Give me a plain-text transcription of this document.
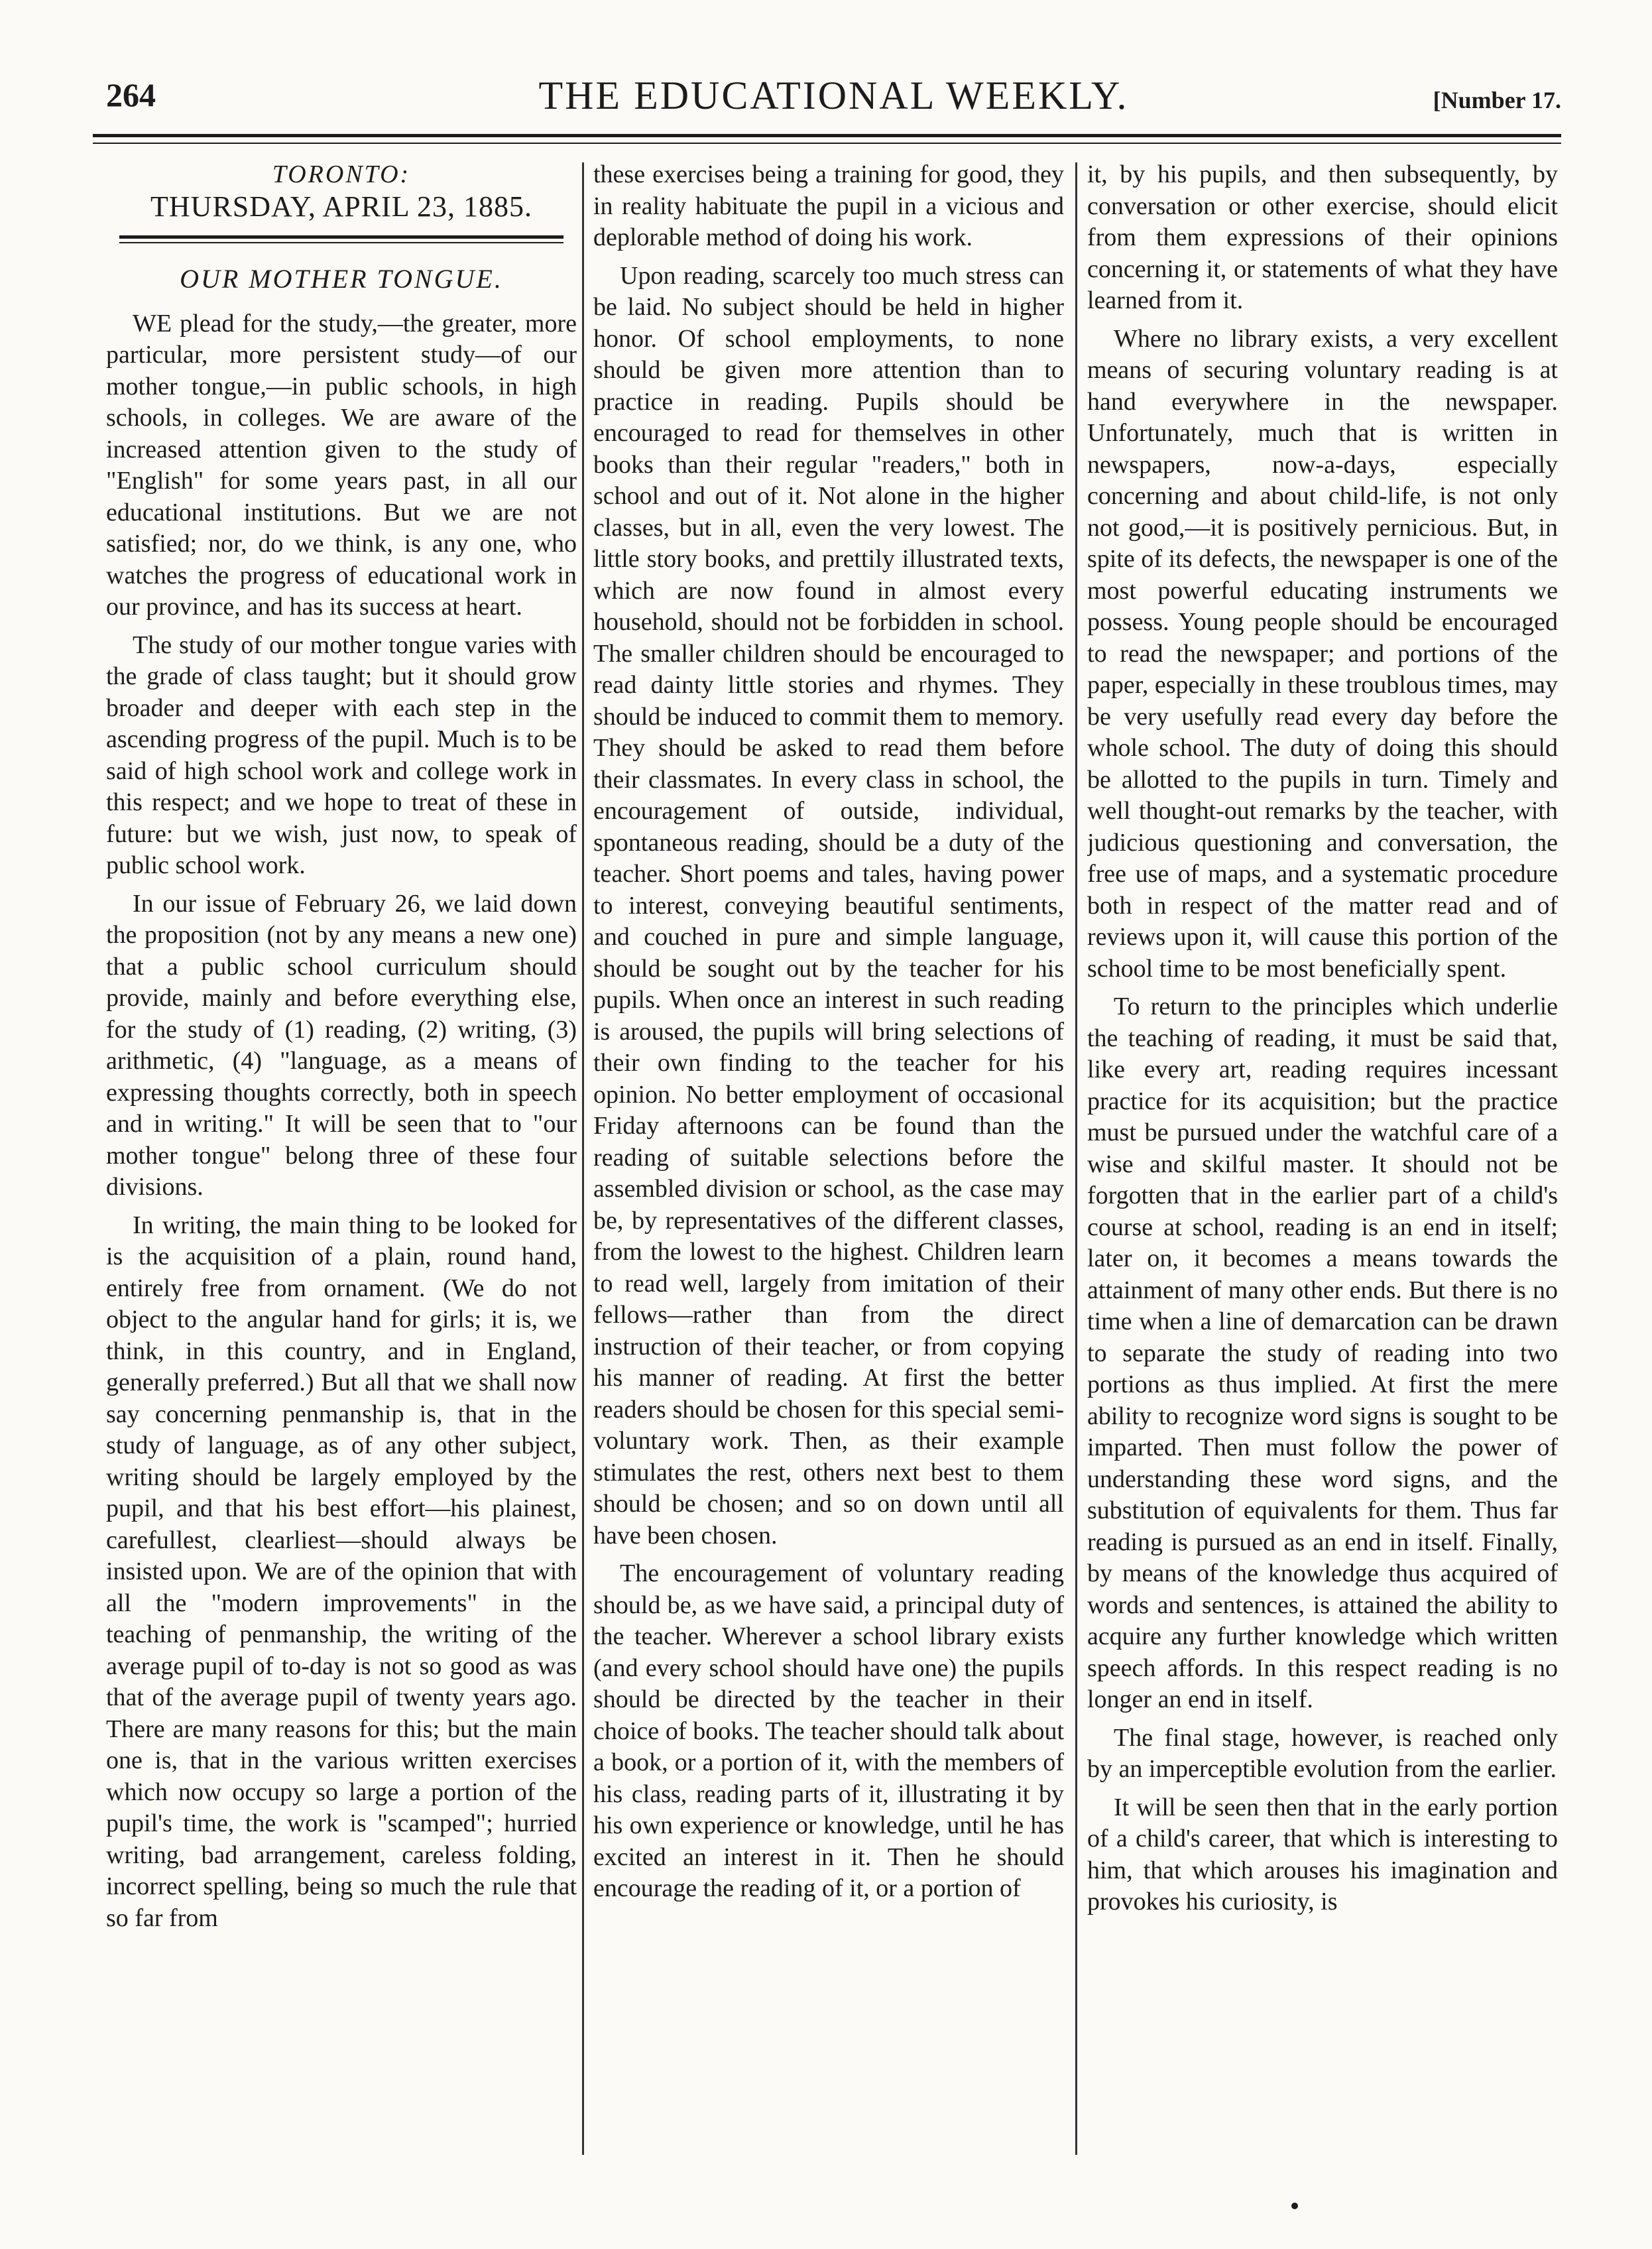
264	THE EDUCATIONAL WEEKLY.	[Number 17.
TORONTO:
THURSDAY, APRIL 23, 1885.
OUR MOTHER TONGUE.

WE plead for the study,—the greater, more particular, more persistent study—of our mother tongue,—in public schools, in high schools, in colleges. We are aware of the increased attention given to the study of "English" for some years past, in all our educational institutions. But we are not satisfied; nor, do we think, is any one, who watches the progress of educational work in our province, and has its success at heart.

The study of our mother tongue varies with the grade of class taught; but it should grow broader and deeper with each step in the ascending progress of the pupil. Much is to be said of high school work and college work in this respect; and we hope to treat of these in future: but we wish, just now, to speak of public school work.

In our issue of February 26, we laid down the proposition (not by any means a new one) that a public school curriculum should provide, mainly and before everything else, for the study of (1) reading, (2) writing, (3) arithmetic, (4) "language, as a means of expressing thoughts correctly, both in speech and in writing." It will be seen that to "our mother tongue" belong three of these four divisions.

In writing, the main thing to be looked for is the acquisition of a plain, round hand, entirely free from ornament. (We do not object to the angular hand for girls; it is, we think, in this country, and in England, generally preferred.) But all that we shall now say concerning penmanship is, that in the study of language, as of any other subject, writing should be largely employed by the pupil, and that his best effort—his plainest, carefullest, clearliest—should always be insisted upon. We are of the opinion that with all the "modern improvements" in the teaching of penmanship, the writing of the average pupil of to-day is not so good as was that of the average pupil of twenty years ago. There are many reasons for this; but the main one is, that in the various written exercises which now occupy so large a portion of the pupil's time, the work is "scamped"; hurried writing, bad arrangement, careless folding, incorrect spelling, being so much the rule that so far from

these exercises being a training for good, they in reality habituate the pupil in a vicious and deplorable method of doing his work.

Upon reading, scarcely too much stress can be laid. No subject should be held in higher honor. Of school employments, to none should be given more attention than to practice in reading. Pupils should be encouraged to read for themselves in other books than their regular "readers," both in school and out of it. Not alone in the higher classes, but in all, even the very lowest. The little story books, and prettily illustrated texts, which are now found in almost every household, should not be forbidden in school. The smaller children should be encouraged to read dainty little stories and rhymes. They should be induced to commit them to memory. They should be asked to read them before their classmates. In every class in school, the encouragement of outside, individual, spontaneous reading, should be a duty of the teacher. Short poems and tales, having power to interest, conveying beautiful sentiments, and couched in pure and simple language, should be sought out by the teacher for his pupils. When once an interest in such reading is aroused, the pupils will bring selections of their own finding to the teacher for his opinion. No better employment of occasional Friday afternoons can be found than the reading of suitable selections before the assembled division or school, as the case may be, by representatives of the different classes, from the lowest to the highest. Children learn to read well, largely from imitation of their fellows—rather than from the direct instruction of their teacher, or from copying his manner of reading. At first the better readers should be chosen for this special semi-voluntary work. Then, as their example stimulates the rest, others next best to them should be chosen; and so on down until all have been chosen.

The encouragement of voluntary reading should be, as we have said, a principal duty of the teacher. Wherever a school library exists (and every school should have one) the pupils should be directed by the teacher in their choice of books. The teacher should talk about a book, or a portion of it, with the members of his class, reading parts of it, illustrating it by his own experience or knowledge, until he has excited an interest in it. Then he should encourage the reading of it, or a portion of

it, by his pupils, and then subsequently, by conversation or other exercise, should elicit from them expressions of their opinions concerning it, or statements of what they have learned from it.

Where no library exists, a very excellent means of securing voluntary reading is at hand everywhere in the newspaper. Unfortunately, much that is written in newspapers, now-a-days, especially concerning and about child-life, is not only not good,—it is positively pernicious. But, in spite of its defects, the newspaper is one of the most powerful educating instruments we possess. Young people should be encouraged to read the newspaper; and portions of the paper, especially in these troublous times, may be very usefully read every day before the whole school. The duty of doing this should be allotted to the pupils in turn. Timely and well thought-out remarks by the teacher, with judicious questioning and conversation, the free use of maps, and a systematic procedure both in respect of the matter read and of reviews upon it, will cause this portion of the school time to be most beneficially spent.

To return to the principles which underlie the teaching of reading, it must be said that, like every art, reading requires incessant practice for its acquisition; but the practice must be pursued under the watchful care of a wise and skilful master. It should not be forgotten that in the earlier part of a child's course at school, reading is an end in itself; later on, it becomes a means towards the attainment of many other ends. But there is no time when a line of demarcation can be drawn to separate the study of reading into two portions as thus implied. At first the mere ability to recognize word signs is sought to be imparted. Then must follow the power of understanding these word signs, and the substitution of equivalents for them. Thus far reading is pursued as an end in itself. Finally, by means of the knowledge thus acquired of words and sentences, is attained the ability to acquire any further knowledge which written speech affords. In this respect reading is no longer an end in itself.

The final stage, however, is reached only by an imperceptible evolution from the earlier.

It will be seen then that in the early portion of a child's career, that which is interesting to him, that which arouses his imagination and provokes his curiosity, is
